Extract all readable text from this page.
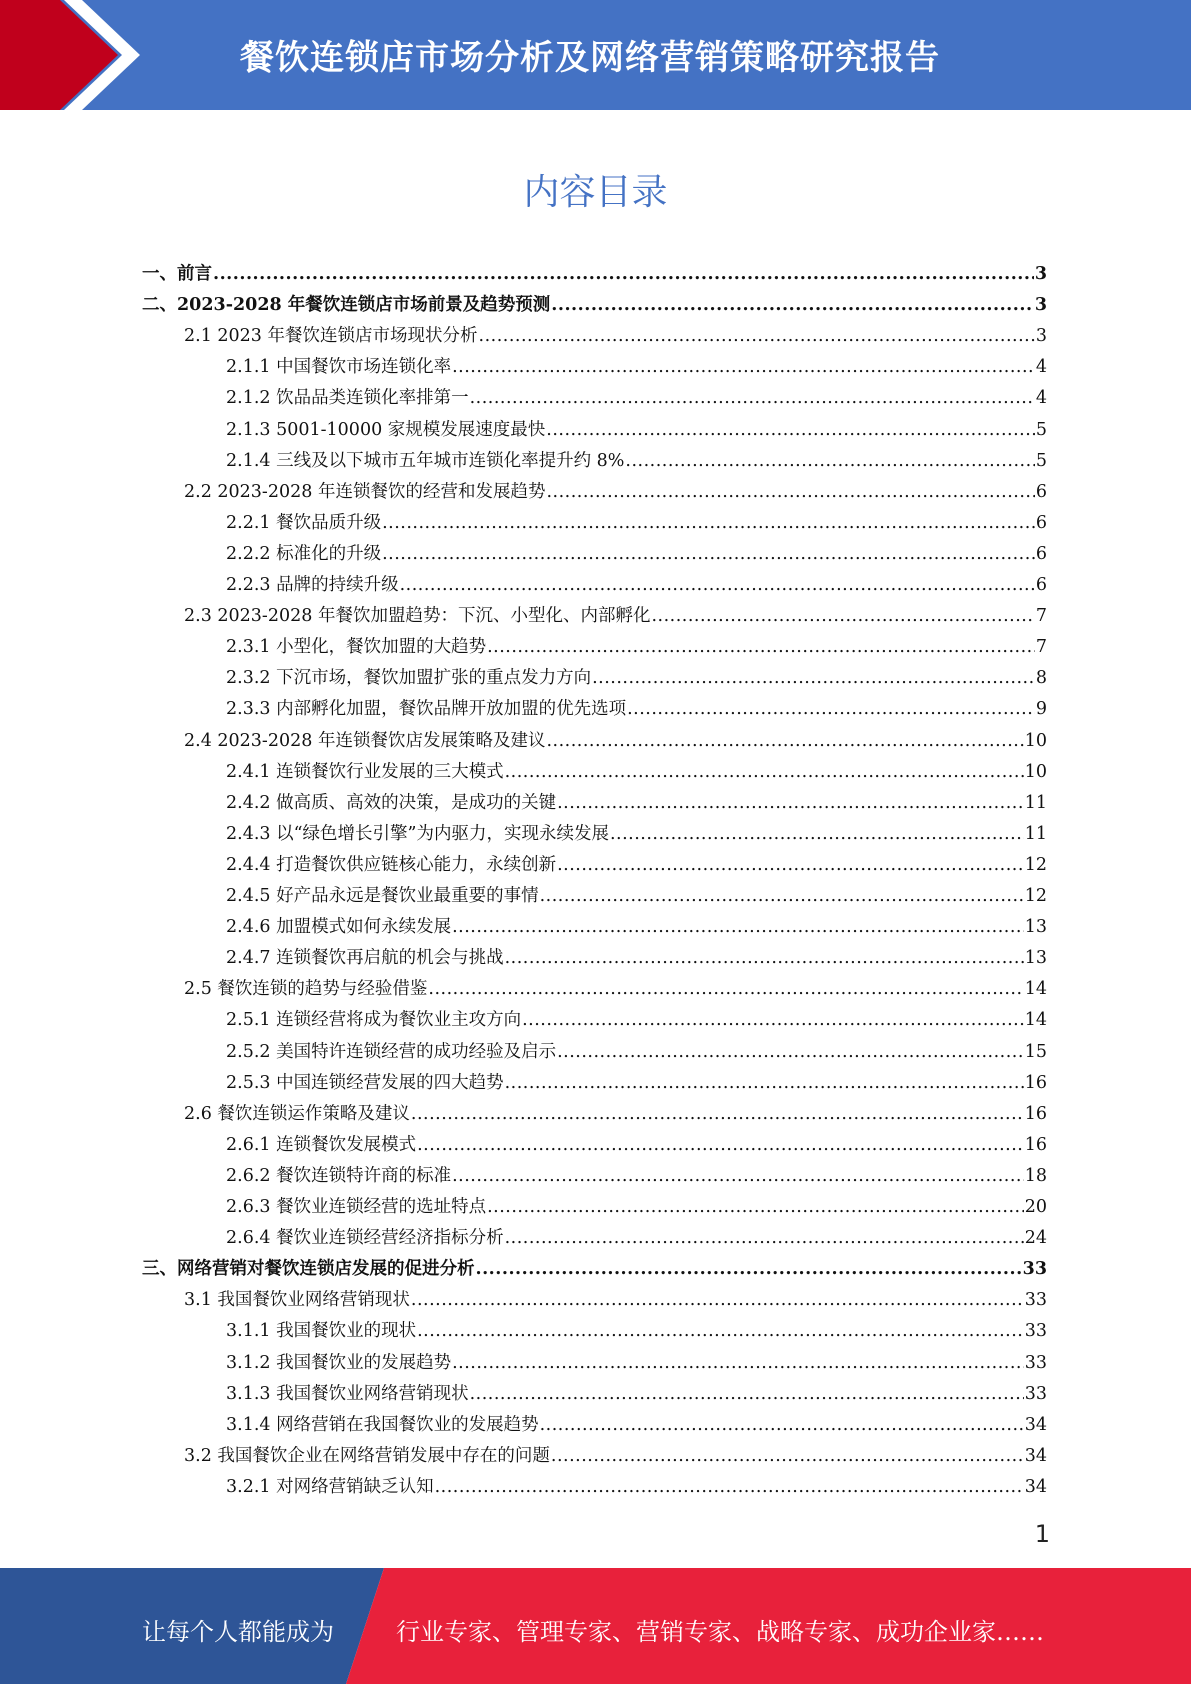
餐饮连锁店市场分析及网络营销策略研究报告
内容目录
一、前言 .....	3
二、2023-2028 年餐饮连锁店市场前景及趋势预测 .....	3
2.1 2023 年餐饮连锁店市场现状分析 .....	3
2.1.1 中国餐饮市场连锁化率 .....	4
2.1.2 饮品品类连锁化率排第一 .....	4
2.1.3 5001-10000 家规模发展速度最快 .....	5
2.1.4 三线及以下城市五年城市连锁化率提升约 8% .....	5
2.2 2023-2028 年连锁餐饮的经营和发展趋势 .....	6
2.2.1 餐饮品质升级 .....	6
2.2.2 标准化的升级 .....	6
2.2.3 品牌的持续升级 .....	6
2.3 2023-2028 年餐饮加盟趋势：下沉、小型化、内部孵化 .....	7
2.3.1 小型化，餐饮加盟的大趋势 .....	7
2.3.2 下沉市场，餐饮加盟扩张的重点发力方向 .....	8
2.3.3 内部孵化加盟，餐饮品牌开放加盟的优先选项 .....	9
2.4 2023-2028 年连锁餐饮店发展策略及建议 .....	10
2.4.1 连锁餐饮行业发展的三大模式 .....	10
2.4.2 做高质、高效的决策，是成功的关键 .....	11
2.4.3 以“绿色增长引擎”为内驱力，实现永续发展 .....	11
2.4.4 打造餐饮供应链核心能力，永续创新 .....	12
2.4.5 好产品永远是餐饮业最重要的事情 .....	12
2.4.6 加盟模式如何永续发展 .....	13
2.4.7 连锁餐饮再启航的机会与挑战 .....	13
2.5 餐饮连锁的趋势与经验借鉴 .....	14
2.5.1 连锁经营将成为餐饮业主攻方向 .....	14
2.5.2 美国特许连锁经营的成功经验及启示 .....	15
2.5.3 中国连锁经营发展的四大趋势 .....	16
2.6 餐饮连锁运作策略及建议 .....	16
2.6.1 连锁餐饮发展模式 .....	16
2.6.2 餐饮连锁特许商的标准 .....	18
2.6.3 餐饮业连锁经营的选址特点 .....	20
2.6.4 餐饮业连锁经营经济指标分析 .....	24
三、网络营销对餐饮连锁店发展的促进分析 .....	33
3.1 我国餐饮业网络营销现状 .....	33
3.1.1 我国餐饮业的现状 .....	33
3.1.2 我国餐饮业的发展趋势 .....	33
3.1.3 我国餐饮业网络营销现状 .....	33
3.1.4 网络营销在我国餐饮业的发展趋势 .....	34
3.2 我国餐饮企业在网络营销发展中存在的问题 .....	34
3.2.1 对网络营销缺乏认知 .....	34
1
让每个人都能成为	行业专家、管理专家、营销专家、战略专家、成功企业家……
